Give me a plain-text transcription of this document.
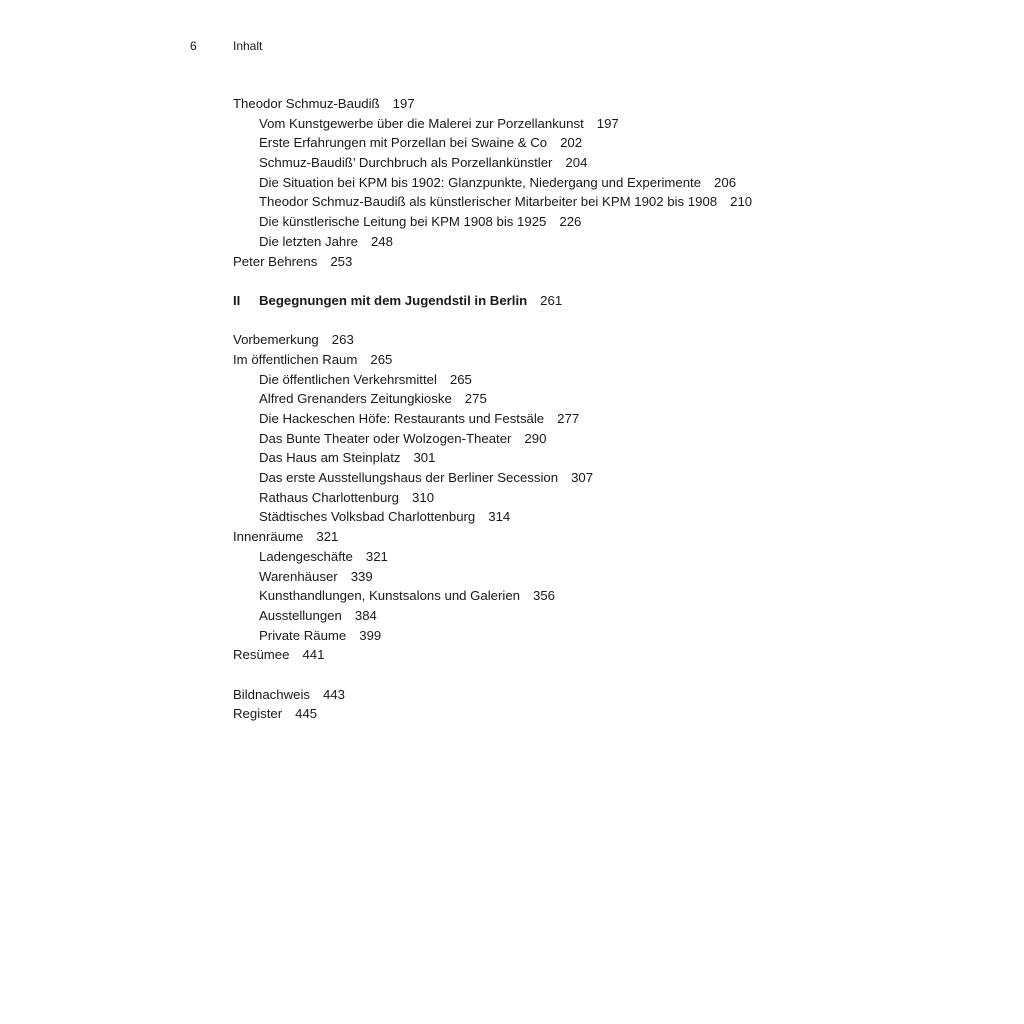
6	Inhalt
Theodor Schmuz-Baudiß 197
Vom Kunstgewerbe über die Malerei zur Porzellankunst 197
Erste Erfahrungen mit Porzellan bei Swaine & Co 202
Schmuz-Baudiß’ Durchbruch als Porzellankünstler 204
Die Situation bei KPM bis 1902: Glanzpunkte, Niedergang und Experimente 206
Theodor Schmuz-Baudiß als künstlerischer Mitarbeiter bei KPM 1902 bis 1908 210
Die künstlerische Leitung bei KPM 1908 bis 1925 226
Die letzten Jahre 248
Peter Behrens 253
II Begegnungen mit dem Jugendstil in Berlin 261
Vorbemerkung 263
Im öffentlichen Raum 265
Die öffentlichen Verkehrsmittel 265
Alfred Grenanders Zeitungkioske 275
Die Hackeschen Höfe: Restaurants und Festsäle 277
Das Bunte Theater oder Wolzogen-Theater 290
Das Haus am Steinplatz 301
Das erste Ausstellungshaus der Berliner Secession 307
Rathaus Charlottenburg 310
Städtisches Volksbad Charlottenburg 314
Innenräume 321
Ladengeschäfte 321
Warenhäuser 339
Kunsthandlungen, Kunstsalons und Galerien 356
Ausstellungen 384
Private Räume 399
Resümee 441
Bildnachweis 443
Register 445
